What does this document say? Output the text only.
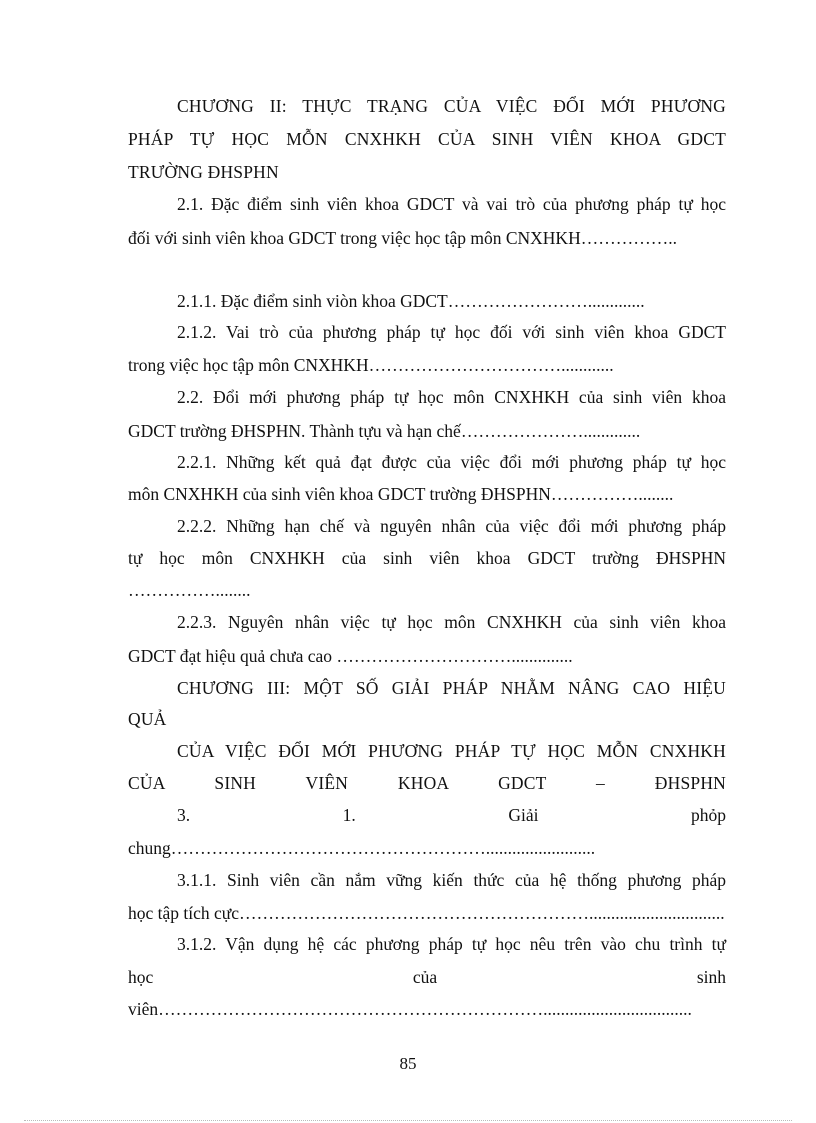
CHƯƠNG II: THỰC TRẠNG CỦA VIỆC ĐỔI MỚI PHƯƠNG
PHÁP TỰ HỌC MỖN CNXHKH CỦA SINH VIÊN KHOA GDCT
TRƯỜNG ĐHSPHN
2.1. Đặc điểm sinh viên khoa GDCT và vai trò của phương pháp tự học
đối với sinh viên khoa GDCT trong việc học tập môn CNXHKH……………..
2.1.1. Đặc điểm sinh viòn khoa GDCT…………………….............
2.1.2. Vai trò của phương pháp tự học đối với sinh viên khoa GDCT
trong việc học tập môn CNXHKH……………………………............
2.2. Đổi mới phương pháp tự học môn CNXHKH của sinh viên khoa
GDCT trường ĐHSPHN. Thành tựu và hạn chế………………….............
2.2.1. Những kết quả đạt được của việc đổi mới phương pháp tự học
môn CNXHKH của sinh viên khoa GDCT trường ĐHSPHN……………........
2.2.2. Những hạn chế và nguyên nhân của việc đổi mới phương pháp
tự học môn CNXHKH của sinh viên khoa GDCT trường ĐHSPHN
……………........
2.2.3. Nguyên nhân việc tự học môn CNXHKH của sinh viên khoa
GDCT đạt hiệu quả chưa cao …………………………..............
CHƯƠNG III: MỘT SỐ GIẢI PHÁP NHẰM NÂNG CAO HIỆU
QUẢ
CỦA VIỆC ĐỔI MỚI PHƯƠNG PHÁP TỰ HỌC MỖN CNXHKH
CỦA SINH VIÊN KHOA GDCT – ĐHSPHN
3. 1. Giải phỏp
chung……………………………………………….........................
3.1.1. Sinh viên cần nắm vững kiến thức của hệ thống phương pháp
học tập tích cực……………………………………………………...............................
3.1.2. Vận dụng hệ các phương pháp tự học nêu trên vào chu trình tự
học của sinh
viên…………………………………………………………..................................
85
